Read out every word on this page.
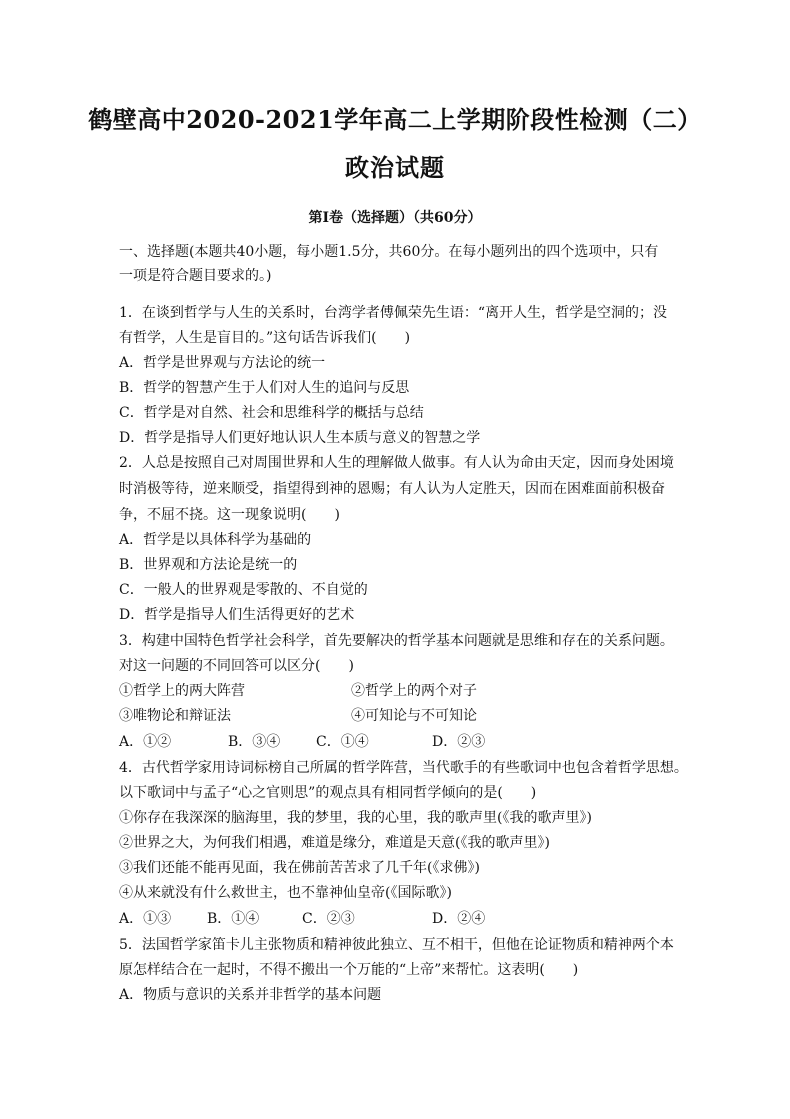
鹤壁高中2020-2021学年高二上学期阶段性检测（二）
政治试题
第Ⅰ卷（选择题）（共60分）
一、选择题(本题共40小题，每小题1.5分，共60分。在每小题列出的四个选项中，只有
一项是符合题目要求的。)
1．在谈到哲学与人生的关系时，台湾学者傅佩荣先生语：“离开人生，哲学是空洞的；没
有哲学，人生是盲目的。”这句话告诉我们(　　)
A．哲学是世界观与方法论的统一
B．哲学的智慧产生于人们对人生的追问与反思
C．哲学是对自然、社会和思维科学的概括与总结
D．哲学是指导人们更好地认识人生本质与意义的智慧之学
2．人总是按照自己对周围世界和人生的理解做人做事。有人认为命由天定，因而身处困境
时消极等待，逆来顺受，指望得到神的恩赐；有人认为人定胜天，因而在困难面前积极奋
争，不屈不挠。这一现象说明(　　)
A．哲学是以具体科学为基础的
B．世界观和方法论是统一的
C．一般人的世界观是零散的、不自觉的
D．哲学是指导人们生活得更好的艺术
3．构建中国特色哲学社会科学，首先要解决的哲学基本问题就是思维和存在的关系问题。
对这一问题的不同回答可以区分(　　)
①哲学上的两大阵营	②哲学上的两个对子
③唯物论和辩证法	④可知论与不可知论
A．①②	B．③④	C．①④	D．②③
4．古代哲学家用诗词标榜自己所属的哲学阵营，当代歌手的有些歌词中也包含着哲学思想。
以下歌词中与孟子“心之官则思”的观点具有相同哲学倾向的是(　　)
①你存在我深深的脑海里，我的梦里，我的心里，我的歌声里(《我的歌声里》)
②世界之大，为何我们相遇，难道是缘分，难道是天意(《我的歌声里》)
③我们还能不能再见面，我在佛前苦苦求了几千年(《求佛》)
④从来就没有什么救世主，也不靠神仙皇帝(《国际歌》)
A．①③	B．①④	C．②③	D．②④
5．法国哲学家笛卡儿主张物质和精神彼此独立、互不相干，但他在论证物质和精神两个本
原怎样结合在一起时，不得不搬出一个万能的“上帝”来帮忙。这表明(　　)
A．物质与意识的关系并非哲学的基本问题
